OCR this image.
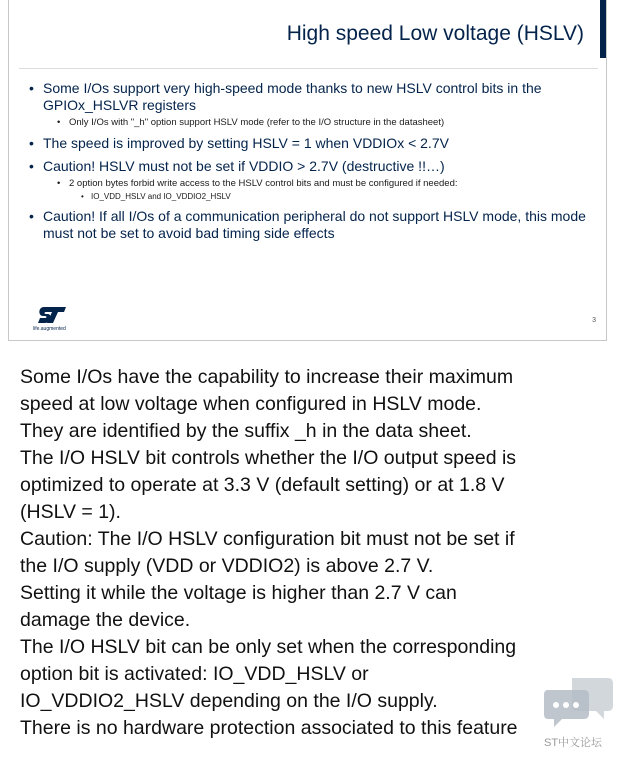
High speed Low voltage (HSLV)
• Some I/Os support very high-speed mode thanks to new HSLV control bits in the GPIOx_HSLVR registers
• Only I/Os with "_h" option support HSLV mode (refer to the I/O structure in the datasheet)
• The speed is improved by setting HSLV = 1 when VDDIOx < 2.7V
• Caution! HSLV must not be set if VDDIO > 2.7V (destructive !!…)
• 2 option bytes forbid write access to the HSLV control bits and must be configured if needed:
• IO_VDD_HSLV and IO_VDDIO2_HSLV
• Caution! If all I/Os of a communication peripheral do not support HSLV mode, this mode must not be set to avoid bad timing side effects
life.augmented
3

Some I/Os have the capability to increase their maximum

speed at low voltage when configured in HSLV mode.

They are identified by the suffix _h in the data sheet.

The I/O HSLV bit controls whether the I/O output speed is

optimized to operate at 3.3 V (default setting) or at 1.8 V

(HSLV = 1).

Caution: The I/O HSLV configuration bit must not be set if

the I/O supply (VDD or VDDIO2) is above 2.7 V.

Setting it while the voltage is higher than 2.7 V can

damage the device.

The I/O HSLV bit can be only set when the corresponding

option bit is activated: IO_VDD_HSLV or

IO_VDDIO2_HSLV depending on the I/O supply.

There is no hardware protection associated to this feature

ST中文论坛
